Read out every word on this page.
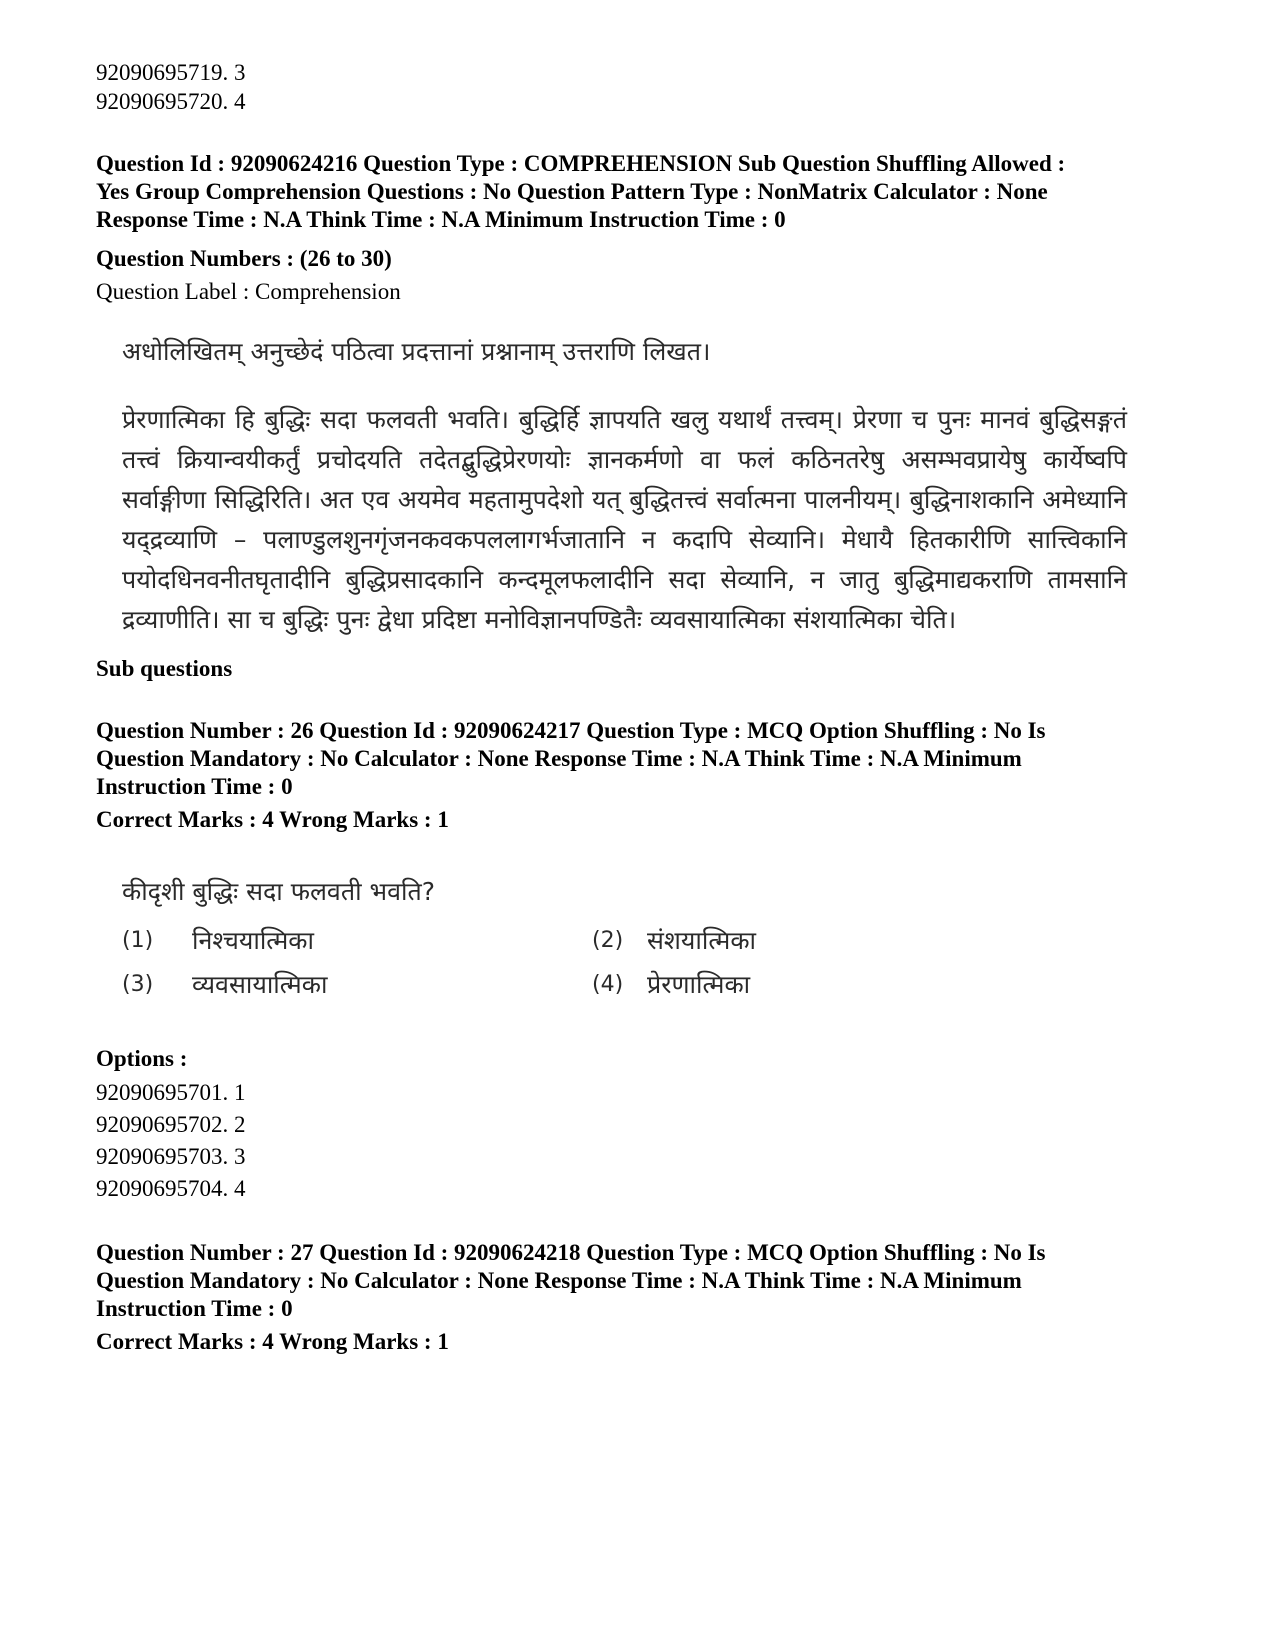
92090695719. 3

92090695720. 4

Question Id : 92090624216 Question Type : COMPREHENSION Sub Question Shuffling Allowed :

Yes Group Comprehension Questions : No Question Pattern Type : NonMatrix Calculator : None

Response Time : N.A Think Time : N.A Minimum Instruction Time : 0

Question Numbers : (26 to 30)

Question Label : Comprehension

अधोलिखितम् अनुच्छेदं पठित्वा प्रदत्तानां प्रश्नानाम् उत्तराणि लिखत।

प्रेरणात्मिका हि बुद्धिः सदा फलवती भवति। बुद्धिर्हि ज्ञापयति खलु यथार्थं तत्त्वम्। प्रेरणा च पुनः मानवं बुद्धिसङ्गतं तत्त्वं क्रियान्वयीकर्तुं प्रचोदयति तदेतद्बुद्धिप्रेरणयोः ज्ञानकर्मणो वा फलं कठिनतरेषु असम्भवप्रायेषु कार्येष्वपि सर्वाङ्गीणा सिद्धिरिति। अत एव अयमेव महतामुपदेशो यत् बुद्धितत्त्वं सर्वात्मना पालनीयम्। बुद्धिनाशकानि अमेध्यानि यद्द्रव्याणि – पलाण्डुलशुनगृंजनकवकपललागर्भजातानि न कदापि सेव्यानि। मेधायै हितकारीणि सात्त्विकानि पयोदधिनवनीतघृतादीनि बुद्धिप्रसादकानि कन्दमूलफलादीनि सदा सेव्यानि, न जातु बुद्धिमाद्यकराणि तामसानि द्रव्याणीति। सा च बुद्धिः पुनः द्वेधा प्रदिष्टा मनोविज्ञानपण्डितैः व्यवसायात्मिका संशयात्मिका चेति।

Sub questions

Question Number : 26 Question Id : 92090624217 Question Type : MCQ Option Shuffling : No Is

Question Mandatory : No Calculator : None Response Time : N.A Think Time : N.A Minimum

Instruction Time : 0

Correct Marks : 4 Wrong Marks : 1

कीदृशी बुद्धिः सदा फलवती भवति?

(1)	निश्चयात्मिका	(2) संशयात्मिका
(3)	व्यवसायात्मिका	(4) प्रेरणात्मिका

Options :

92090695701. 1

92090695702. 2

92090695703. 3

92090695704. 4

Question Number : 27 Question Id : 92090624218 Question Type : MCQ Option Shuffling : No Is

Question Mandatory : No Calculator : None Response Time : N.A Think Time : N.A Minimum

Instruction Time : 0

Correct Marks : 4 Wrong Marks : 1
